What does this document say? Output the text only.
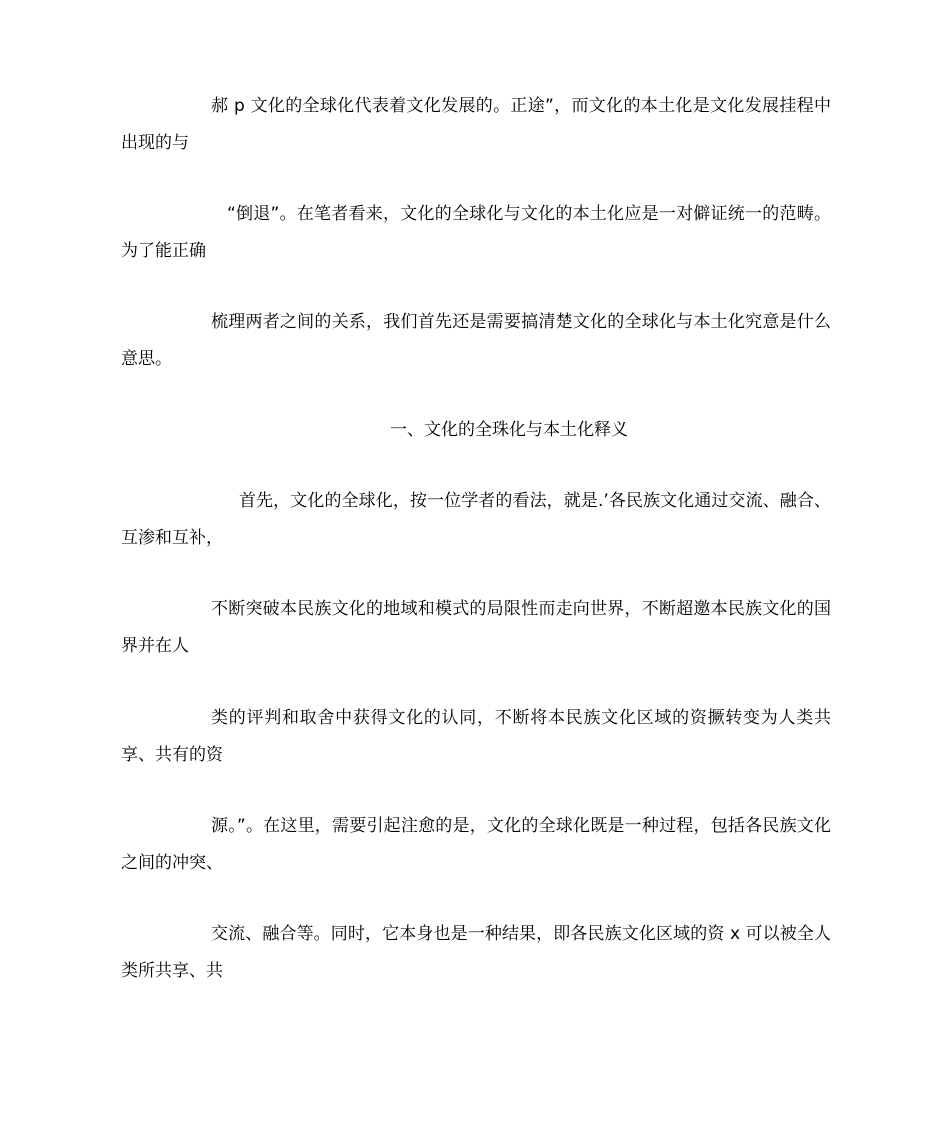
郝 p 文化的全球化代表着文化发展的。正途”，而文化的本土化是文化发展挂程中出现的与

“倒退”。在笔者看来，文化的全球化与文化的本土化应是一对僻证统一的范畴。为了能正确

梳理两者之间的关系，我们首先还是需要搞清楚文化的全球化与本土化究意是什么意思。

一、文化的全珠化与本土化释义

首先，文化的全球化，按一位学者的看法，就是.’各民族文化通过交流、融合、互渗和互补，

不断突破本民族文化的地域和模式的局限性而走向世界，不断超邀本民族文化的国界并在人

类的评判和取舍中获得文化的认同，不断将本民族文化区域的资撅转变为人类共享、共有的资

源。”。在这里，需要引起注愈的是，文化的全球化既是一种过程，包括各民族文化之间的冲突、

交流、融合等。同时，它本身也是一种结果，即各民族文化区域的资 x 可以被全人类所共享、共
